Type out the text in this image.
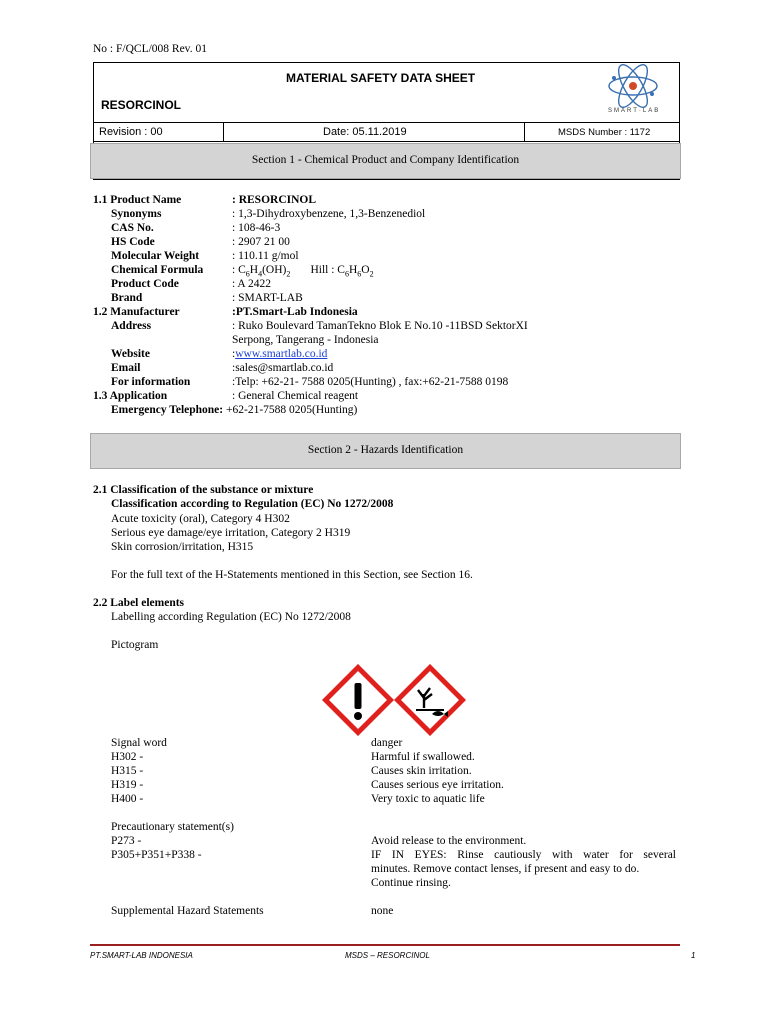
No : F/QCL/008 Rev. 01
MATERIAL SAFETY DATA SHEET
RESORCINOL	SMART·LAB
Revision : 00	Date: 05.11.2019	MSDS Number : 1172
Section 1 - Chemical Product and Company Identification
1.1 Product Name	: RESORCINOL
Synonyms	: 1,3-Dihydroxybenzene, 1,3-Benzenediol
CAS No.	: 108-46-3
HS Code	: 2907 21 00
Molecular Weight	: 110.11 g/mol
Chemical Formula : $C_6H_4(OH)_2$       Hill : $C_6H_6O_2$
Product Code	: A 2422
Brand	: SMART-LAB
1.2 Manufacturer	:PT.Smart-Lab Indonesia
Address	: Ruko Boulevard TamanTekno Blok E No.10 -11BSD SektorXI
Serpong, Tangerang - Indonesia
Website	:www.smartlab.co.id
Email	:sales@smartlab.co.id
For information	:Telp: +62-21- 7588 0205(Hunting) , fax:+62-21-7588 0198
1.3 Application	: General Chemical reagent
Emergency Telephone: +62-21-7588 0205(Hunting)
Section 2 - Hazards Identification
2.1 Classification of the substance or mixture
Classification according to Regulation (EC) No 1272/2008
Acute toxicity (oral), Category 4 H302
Serious eye damage/eye irritation, Category 2 H319
Skin corrosion/irritation, H315
For the full text of the H-Statements mentioned in this Section, see Section 16.
2.2 Label elements
Labelling according Regulation (EC) No 1272/2008
Pictogram
Signal word	danger
H302 -	Harmful if swallowed.
H315 -	Causes skin irritation.
H319 -	Causes serious eye irritation.
H400 -	Very toxic to aquatic life
Precautionary statement(s)
P273 -	Avoid release to the environment.
P305+P351+P338 -	IF IN EYES: Rinse cautiously with water for several
minutes. Remove contact lenses, if present and easy to do.
Continue rinsing.
Supplemental Hazard Statements	none
PT.SMART-LAB INDONESIA	MSDS – RESORCINOL	1
